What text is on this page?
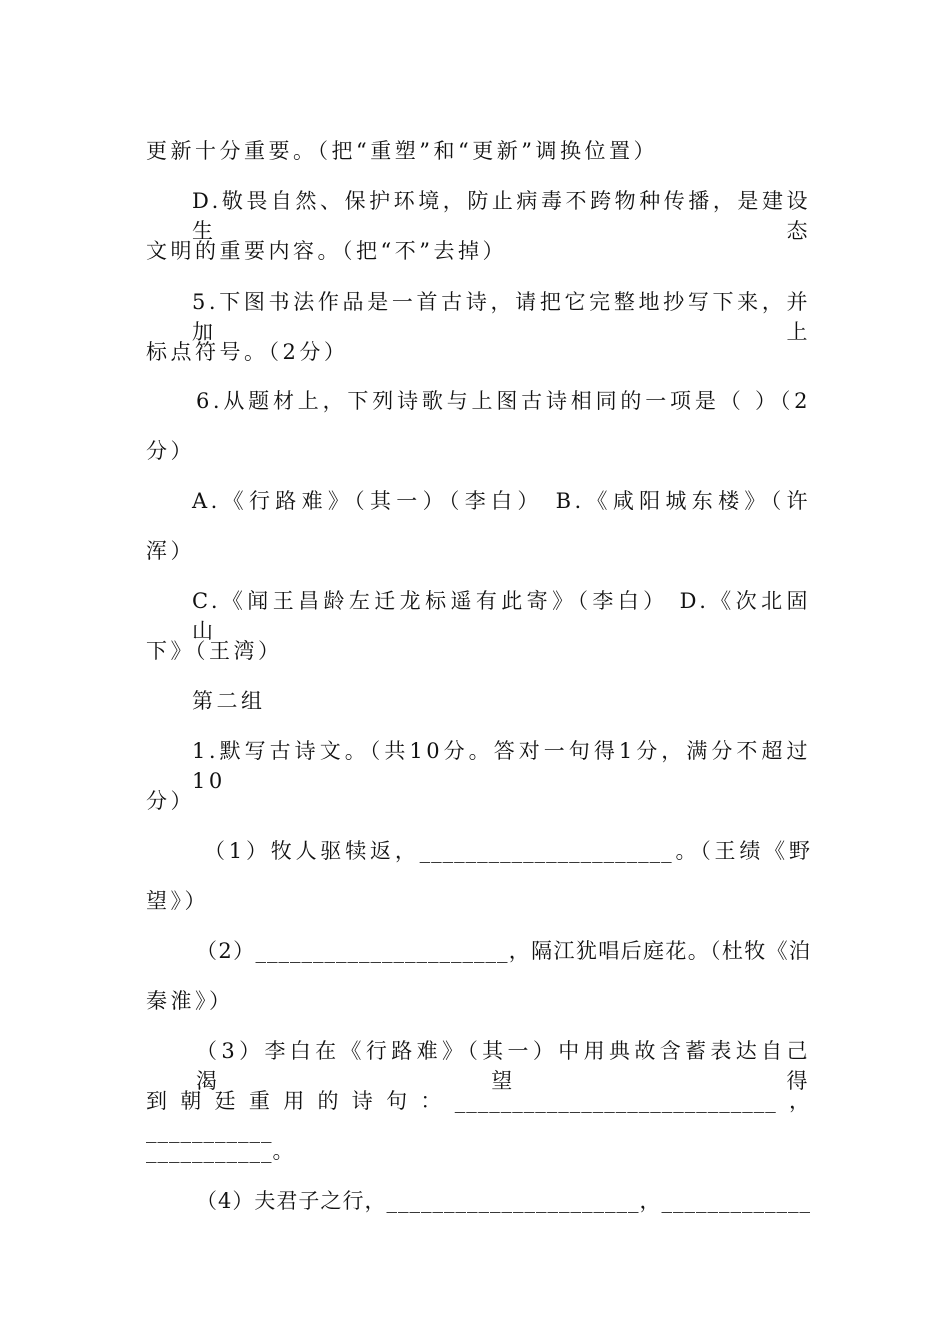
更新十分重要。（把“重塑”和“更新”调换位置）
D.敬畏自然、保护环境，防止病毒不跨物种传播，是建设生态
文明的重要内容。（把“不”去掉）
5.下图书法作品是一首古诗，请把它完整地抄写下来，并加上
标点符号。（2分）
6.从题材上，下列诗歌与上图古诗相同的一项是（ ）（2
分）
A.《行路难》（其一）（李白） B.《咸阳城东楼》（许
浑）
C.《闻王昌龄左迁龙标遥有此寄》（李白） D.《次北固山
下》（王湾）
第二组
1.默写古诗文。（共10分。答对一句得1分，满分不超过10
分）
（1）牧人驱犊返，______________________。（王绩《野
望》）
（2）______________________，隔江犹唱后庭花。（杜牧《泊
秦淮》）
（3）李白在《行路难》（其一）中用典故含蓄表达自己渴望得
到朝廷重用的诗句：____________________________，___________
___________。
（4）夫君子之行，______________________，_____________
